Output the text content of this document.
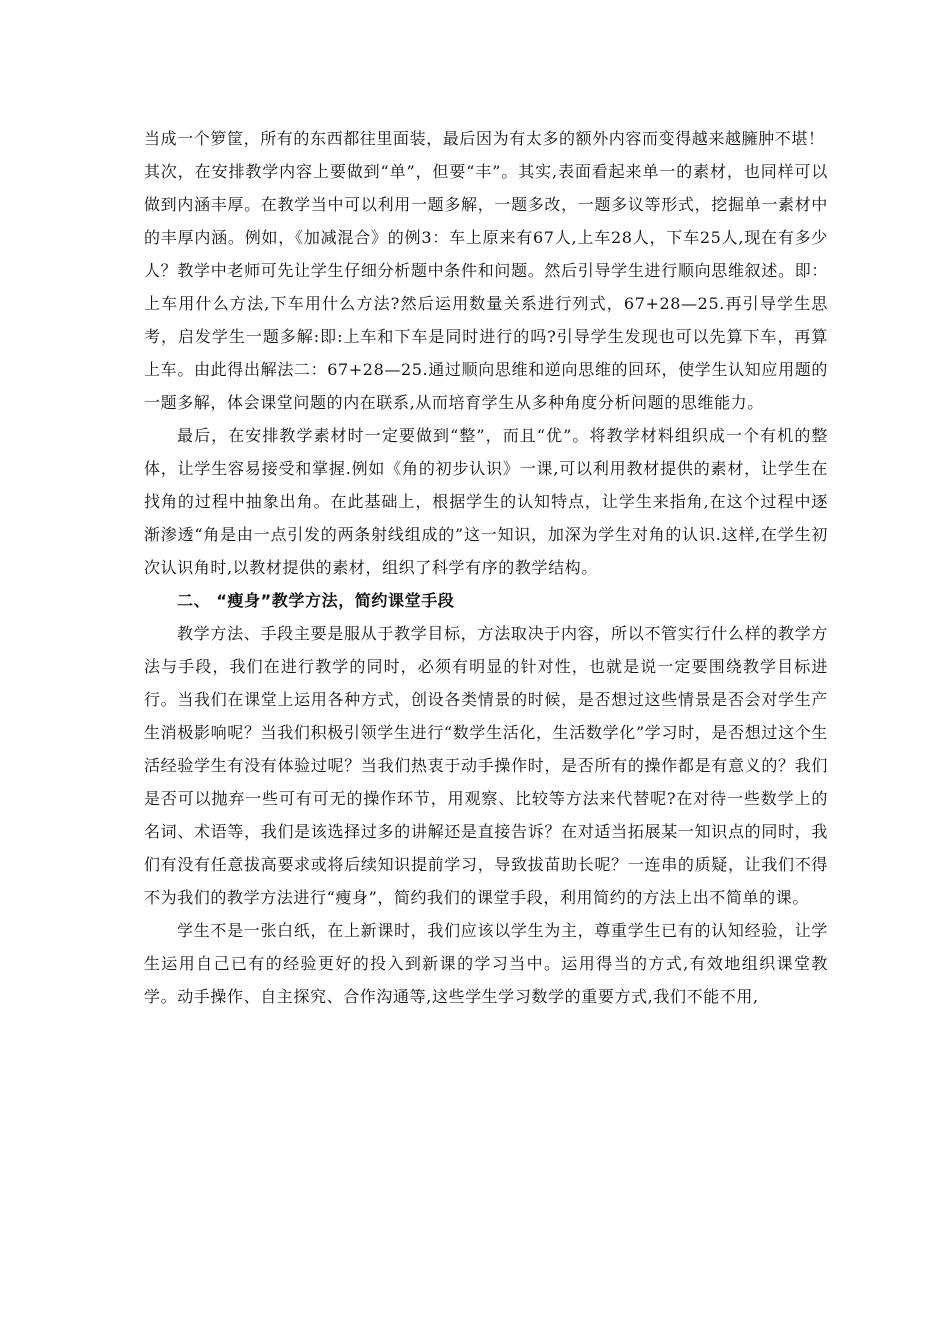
当成一个箩筐，所有的东西都往里面装，最后因为有太多的额外内容而变得越来越臃肿不堪！

其次，在安排教学内容上要做到“单”，但要“丰”。其实,表面看起来单一的素材，也同样可以做到内涵丰厚。在教学当中可以利用一题多解，一题多改，一题多议等形式，挖掘单一素材中的丰厚内涵。例如，《加减混合》的例3：车上原来有67人,上车28人，下车25人,现在有多少人？教学中老师可先让学生仔细分析题中条件和问题。然后引导学生进行顺向思维叙述。即：上车用什么方法,下车用什么方法?然后运用数量关系进行列式，67+28—25.再引导学生思考，启发学生一题多解:即:上车和下车是同时进行的吗?引导学生发现也可以先算下车，再算上车。由此得出解法二：67+28—25.通过顺向思维和逆向思维的回环，使学生认知应用题的一题多解，体会课堂问题的内在联系,从而培育学生从多种角度分析问题的思维能力。

最后，在安排教学素材时一定要做到“整”，而且“优”。将教学材料组织成一个有机的整体，让学生容易接受和掌握.例如《角的初步认识》一课,可以利用教材提供的素材，让学生在找角的过程中抽象出角。在此基础上，根据学生的认知特点，让学生来指角,在这个过程中逐渐渗透“角是由一点引发的两条射线组成的”这一知识，加深为学生对角的认识.这样,在学生初次认识角时,以教材提供的素材，组织了科学有序的教学结构。

二、 “瘦身”教学方法，简约课堂手段

教学方法、手段主要是服从于教学目标，方法取决于内容，所以不管实行什么样的教学方法与手段，我们在进行教学的同时，必须有明显的针对性，也就是说一定要围绕教学目标进行。当我们在课堂上运用各种方式，创设各类情景的时候，是否想过这些情景是否会对学生产生消极影响呢？当我们积极引领学生进行“数学生活化，生活数学化”学习时，是否想过这个生活经验学生有没有体验过呢？当我们热衷于动手操作时，是否所有的操作都是有意义的？我们是否可以抛弃一些可有可无的操作环节，用观察、比较等方法来代替呢?在对待一些数学上的名词、术语等，我们是该选择过多的讲解还是直接告诉？在对适当拓展某一知识点的同时，我们有没有任意拔高要求或将后续知识提前学习，导致拔苗助长呢？一连串的质疑，让我们不得不为我们的教学方法进行“瘦身”，简约我们的课堂手段，利用简约的方法上出不简单的课。

学生不是一张白纸，在上新课时，我们应该以学生为主，尊重学生已有的认知经验，让学生运用自己已有的经验更好的投入到新课的学习当中。运用得当的方式,有效地组织课堂教学。动手操作、自主探究、合作沟通等,这些学生学习数学的重要方式,我们不能不用,
